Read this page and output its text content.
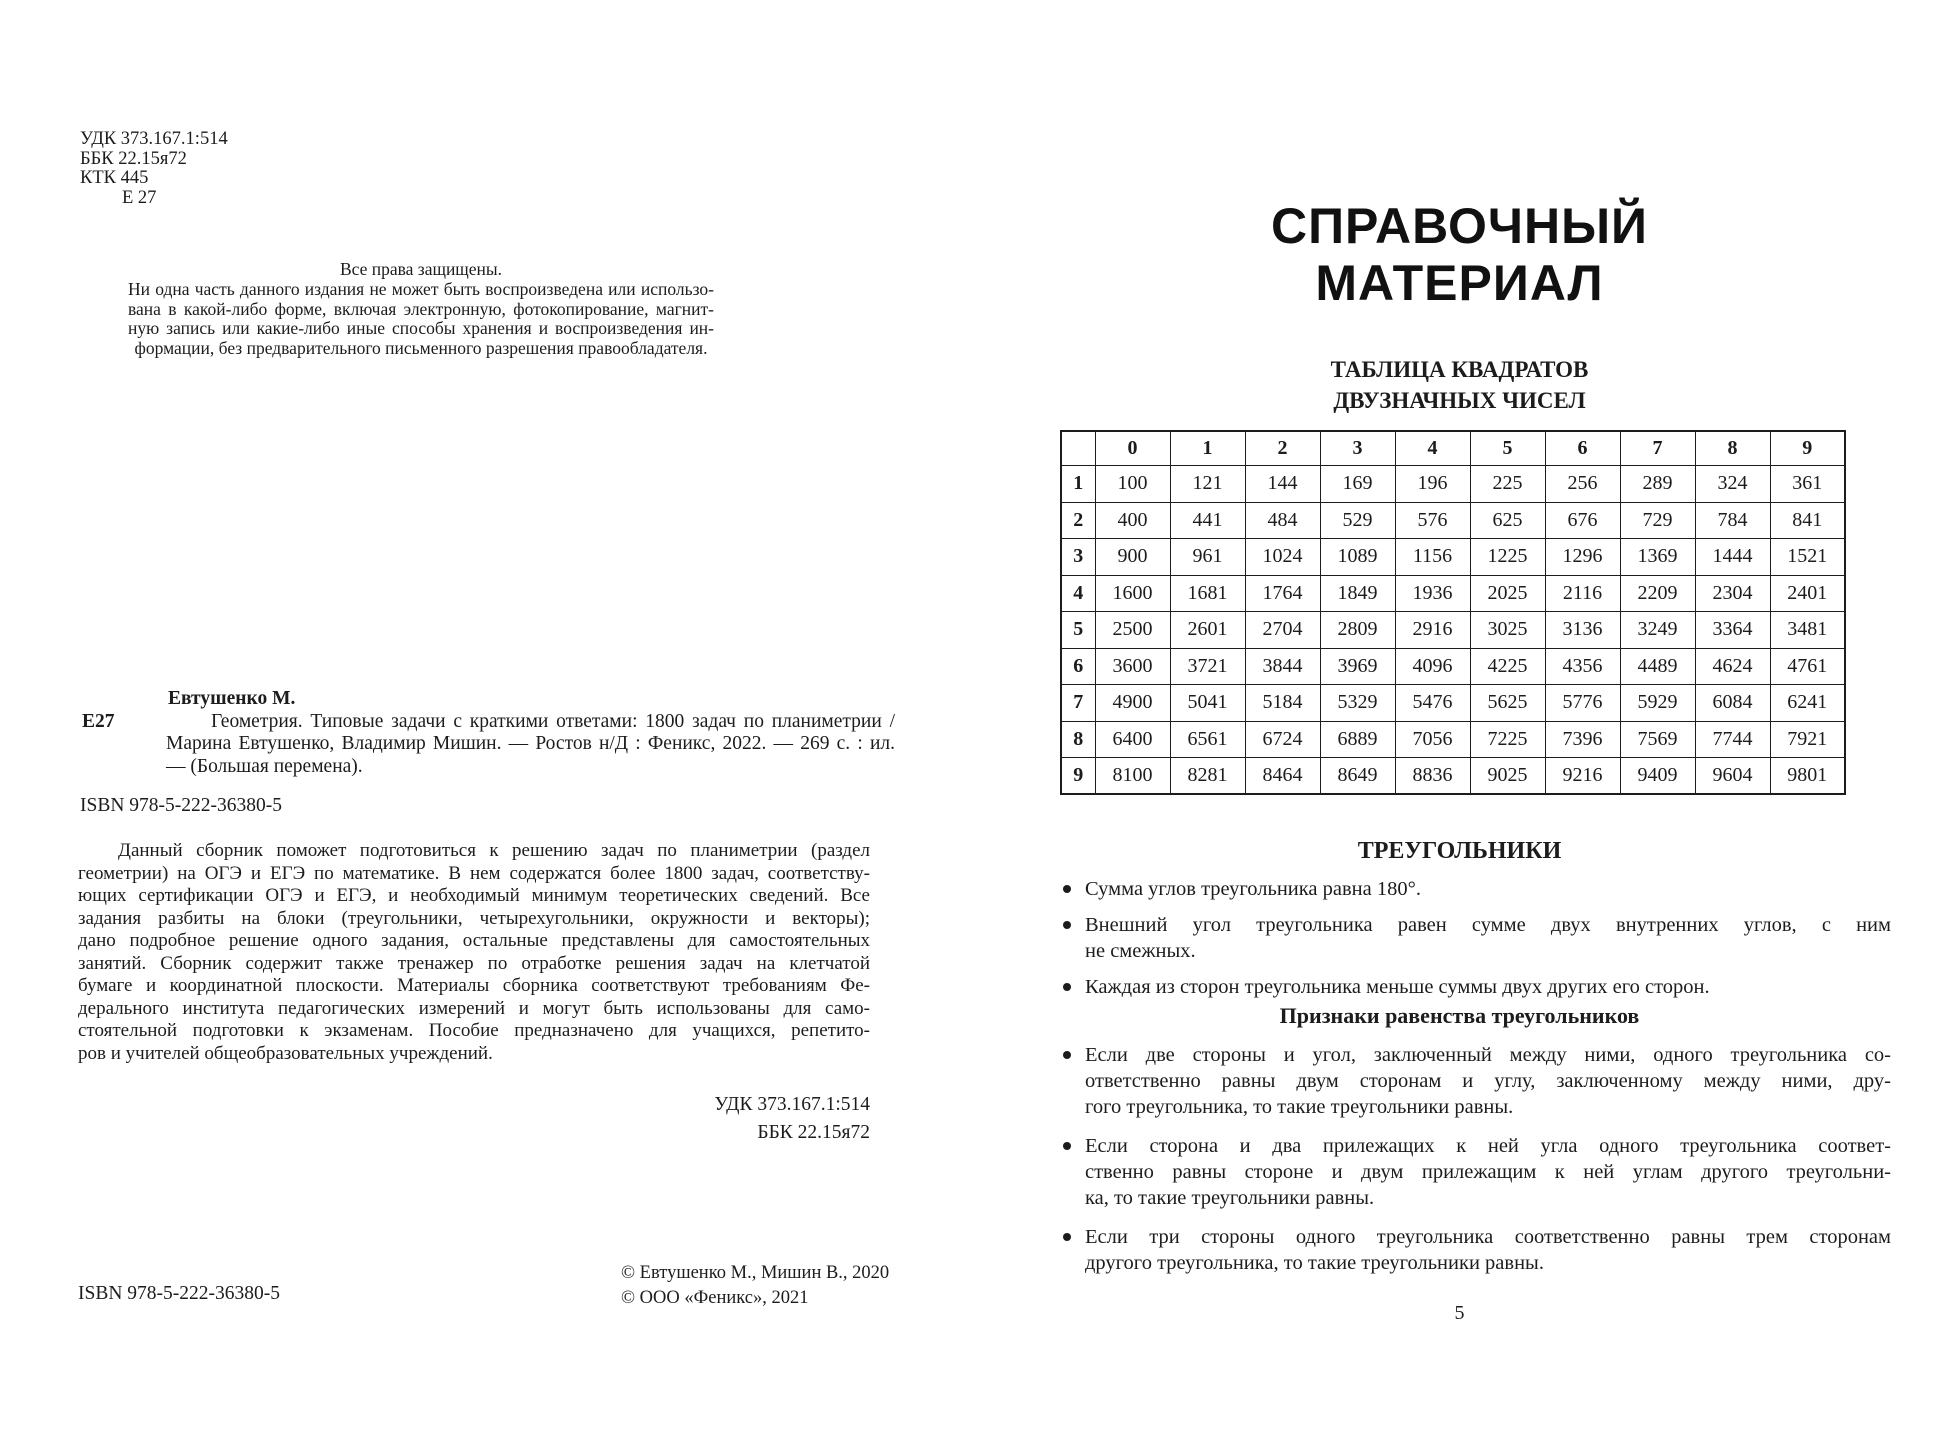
УДК 373.167.1:514
ББК 22.15я72
КТК 445
Е 27
Все права защищены.
Ни одна часть данного издания не может быть воспроизведена или использо-
вана в какой-либо форме, включая электронную, фотокопирование, магнит-
ную запись или какие-либо иные способы хранения и воспроизведения ин-
формации, без предварительного письменного разрешения правообладателя.
Евтушенко М.
Е27	Геометрия. Типовые задачи с краткими ответами: 1800 задач по планиметрии /
Марина Евтушенко, Владимир Мишин. — Ростов н/Д : Феникс, 2022. — 269 с. : ил.
— (Большая перемена).
ISBN 978-5-222-36380-5
Данный сборник поможет подготовиться к решению задач по планиметрии (раздел
геометрии) на ОГЭ и ЕГЭ по математике. В нем содержатся более 1800 задач, соответству-
ющих сертификации ОГЭ и ЕГЭ, и необходимый минимум теоретических сведений. Все
задания разбиты на блоки (треугольники, четырехугольники, окружности и векторы);
дано подробное решение одного задания, остальные представлены для самостоятельных
занятий. Сборник содержит также тренажер по отработке решения задач на клетчатой
бумаге и координатной плоскости. Материалы сборника соответствуют требованиям Фе-
дерального института педагогических измерений и могут быть использованы для само-
стоятельной подготовки к экзаменам. Пособие предназначено для учащихся, репетито-
ров и учителей общеобразовательных учреждений.
УДК 373.167.1:514
ББК 22.15я72
ISBN 978-5-222-36380-5
© Евтушенко М., Мишин В., 2020
© ООО «Феникс», 2021
СПРАВОЧНЫЙ
МАТЕРИАЛ
ТАБЛИЦА КВАДРАТОВ
ДВУЗНАЧНЫХ ЧИСЕЛ
	0	1	2	3	4	5	6	7	8	9
1	100	121	144	169	196	225	256	289	324	361
2	400	441	484	529	576	625	676	729	784	841
3	900	961	1024	1089	1156	1225	1296	1369	1444	1521
4	1600	1681	1764	1849	1936	2025	2116	2209	2304	2401
5	2500	2601	2704	2809	2916	3025	3136	3249	3364	3481
6	3600	3721	3844	3969	4096	4225	4356	4489	4624	4761
7	4900	5041	5184	5329	5476	5625	5776	5929	6084	6241
8	6400	6561	6724	6889	7056	7225	7396	7569	7744	7921
9	8100	8281	8464	8649	8836	9025	9216	9409	9604	9801
ТРЕУГОЛЬНИКИ
Сумма углов треугольника равна 180°.
Внешний угол треугольника равен сумме двух внутренних углов, с ним
не смежных.
Каждая из сторон треугольника меньше суммы двух других его сторон.
Признаки равенства треугольников
Если две стороны и угол, заключенный между ними, одного треугольника со-
ответственно равны двум сторонам и углу, заключенному между ними, дру-
гого треугольника, то такие треугольники равны.
Если сторона и два прилежащих к ней угла одного треугольника соответ-
ственно равны стороне и двум прилежащим к ней углам другого треугольни-
ка, то такие треугольники равны.
Если три стороны одного треугольника соответственно равны трем сторонам
другого треугольника, то такие треугольники равны.
5
